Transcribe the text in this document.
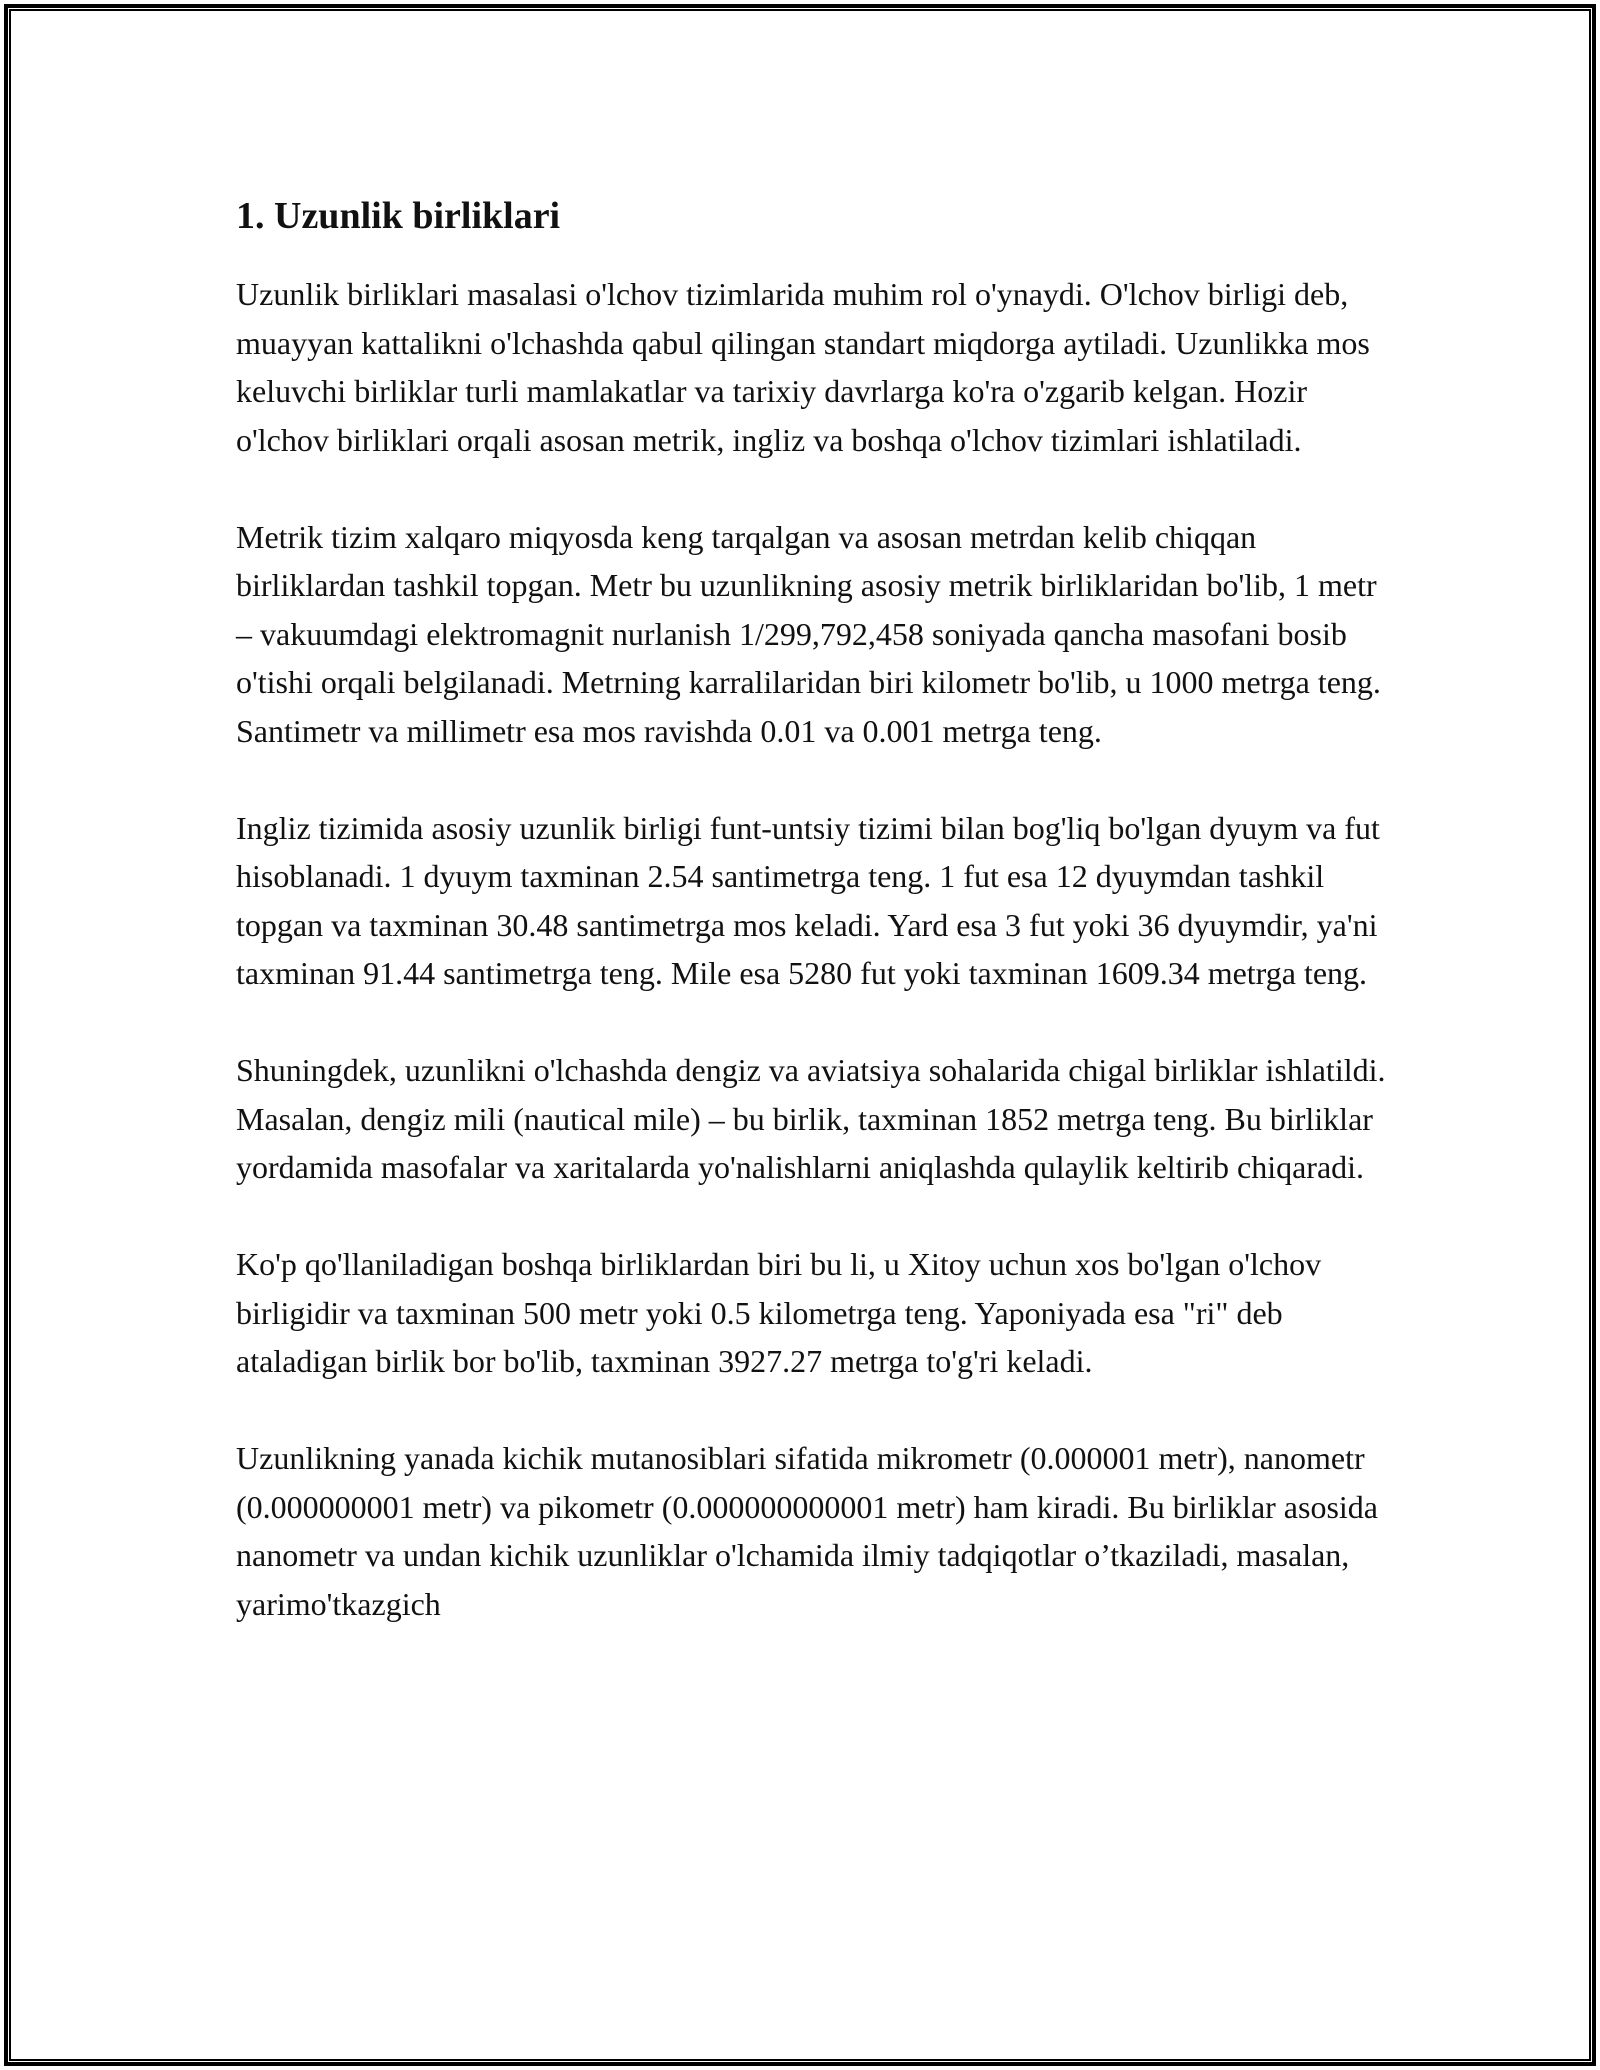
1. Uzunlik birliklari

Uzunlik birliklari masalasi o'lchov tizimlarida muhim rol o'ynaydi. O'lchov birligi deb, muayyan kattalikni o'lchashda qabul qilingan standart miqdorga aytiladi. Uzunlikka mos keluvchi birliklar turli mamlakatlar va tarixiy davrlarga ko'ra o'zgarib kelgan. Hozir o'lchov birliklari orqali asosan metrik, ingliz va boshqa o'lchov tizimlari ishlatiladi.

Metrik tizim xalqaro miqyosda keng tarqalgan va asosan metrdan kelib chiqqan birliklardan tashkil topgan. Metr bu uzunlikning asosiy metrik birliklaridan bo'lib, 1 metr – vakuumdagi elektromagnit nurlanish 1/299,792,458 soniyada qancha masofani bosib o'tishi orqali belgilanadi. Metrning karralilaridan biri kilometr bo'lib, u 1000 metrga teng. Santimetr va millimetr esa mos ravishda 0.01 va 0.001 metrga teng.

Ingliz tizimida asosiy uzunlik birligi funt-untsiy tizimi bilan bog'liq bo'lgan dyuym va fut hisoblanadi. 1 dyuym taxminan 2.54 santimetrga teng. 1 fut esa 12 dyuymdan tashkil topgan va taxminan 30.48 santimetrga mos keladi. Yard esa 3 fut yoki 36 dyuymdir, ya'ni taxminan 91.44 santimetrga teng. Mile esa 5280 fut yoki taxminan 1609.34 metrga teng.

Shuningdek, uzunlikni o'lchashda dengiz va aviatsiya sohalarida chigal birliklar ishlatildi. Masalan, dengiz mili (nautical mile) – bu birlik, taxminan 1852 metrga teng. Bu birliklar yordamida masofalar va xaritalarda yo'nalishlarni aniqlashda qulaylik keltirib chiqaradi.

Ko'p qo'llaniladigan boshqa birliklardan biri bu li, u Xitoy uchun xos bo'lgan o'lchov birligidir va taxminan 500 metr yoki 0.5 kilometrga teng. Yaponiyada esa "ri" deb ataladigan birlik bor bo'lib, taxminan 3927.27 metrga to'g'ri keladi.

Uzunlikning yanada kichik mutanosiblari sifatida mikrometr (0.000001 metr), nanometr (0.000000001 metr) va pikometr (0.000000000001 metr) ham kiradi. Bu birliklar asosida nanometr va undan kichik uzunliklar o'lchamida ilmiy tadqiqotlar o’tkaziladi, masalan, yarimo'tkazgich
